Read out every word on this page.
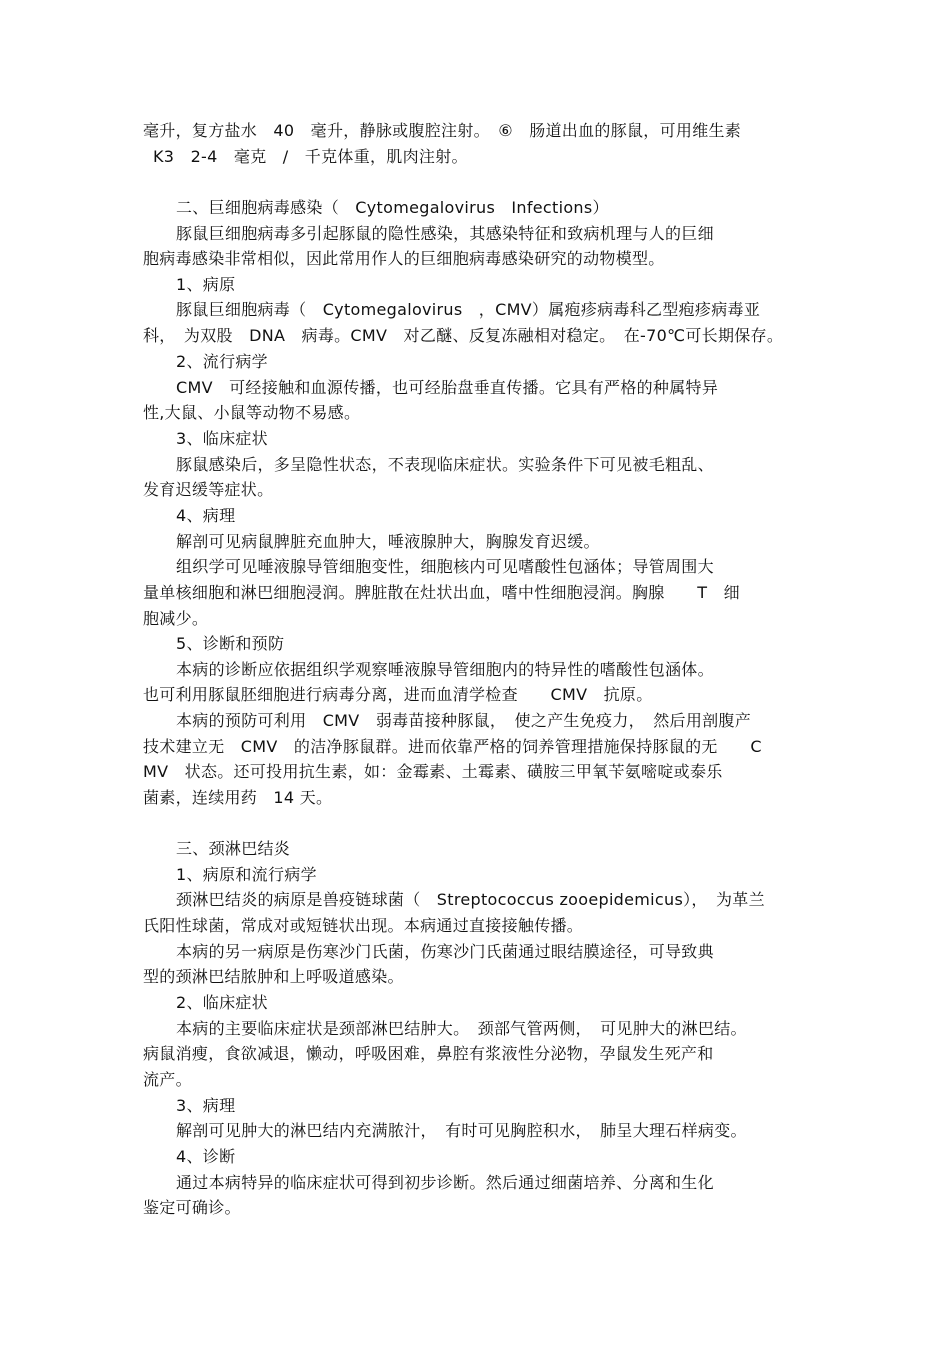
毫升，复方盐水　40　毫升，静脉或腹腔注射。　⑥　肠道出血的豚鼠，可用维生素
K3　2-4　毫克　/　千克体重，肌肉注射。
二、巨细胞病毒感染（　Cytomegalovirus　Infections）
豚鼠巨细胞病毒多引起豚鼠的隐性感染，其感染特征和致病机理与人的巨细
胞病毒感染非常相似，因此常用作人的巨细胞病毒感染研究的动物模型。
1、病原
豚鼠巨细胞病毒（　Cytomegalovirus　，CMV）属疱疹病毒科乙型疱疹病毒亚
科，　为双股　DNA　病毒。CMV　对乙醚、反复冻融相对稳定。　在-70℃可长期保存。
2、流行病学
CMV　可经接触和血源传播，也可经胎盘垂直传播。它具有严格的种属特异
性,大鼠、小鼠等动物不易感。
3、临床症状
豚鼠感染后，多呈隐性状态，不表现临床症状。实验条件下可见被毛粗乱、
发育迟缓等症状。
4、病理
解剖可见病鼠脾脏充血肿大，唾液腺肿大，胸腺发育迟缓。
组织学可见唾液腺导管细胞变性，细胞核内可见嗜酸性包涵体；导管周围大
量单核细胞和淋巴细胞浸润。脾脏散在灶状出血，嗜中性细胞浸润。胸腺　　T　细
胞减少。
5、诊断和预防
本病的诊断应依据组织学观察唾液腺导管细胞内的特异性的嗜酸性包涵体。
也可利用豚鼠胚细胞进行病毒分离，进而血清学检查　　CMV　抗原。
本病的预防可利用　CMV　弱毒苗接种豚鼠，　使之产生免疫力，　然后用剖腹产
技术建立无　CMV　的洁净豚鼠群。进而依靠严格的饲养管理措施保持豚鼠的无　　C
MV　状态。还可投用抗生素，如：金霉素、土霉素、磺胺三甲氧苄氨嘧啶或泰乐
菌素，连续用药　14 天。
三、颈淋巴结炎
1、病原和流行病学
颈淋巴结炎的病原是兽疫链球菌（　Streptococcus zooepidemicus），　为革兰
氏阳性球菌，常成对或短链状出现。本病通过直接接触传播。
本病的另一病原是伤寒沙门氏菌，伤寒沙门氏菌通过眼结膜途径，可导致典
型的颈淋巴结脓肿和上呼吸道感染。
2、临床症状
本病的主要临床症状是颈部淋巴结肿大。　颈部气管两侧，　可见肿大的淋巴结。
病鼠消瘦，食欲减退，懒动，呼吸困难，鼻腔有浆液性分泌物，孕鼠发生死产和
流产。
3、病理
解剖可见肿大的淋巴结内充满脓汁，　有时可见胸腔积水，　肺呈大理石样病变。
4、诊断
通过本病特异的临床症状可得到初步诊断。然后通过细菌培养、分离和生化
鉴定可确诊。
